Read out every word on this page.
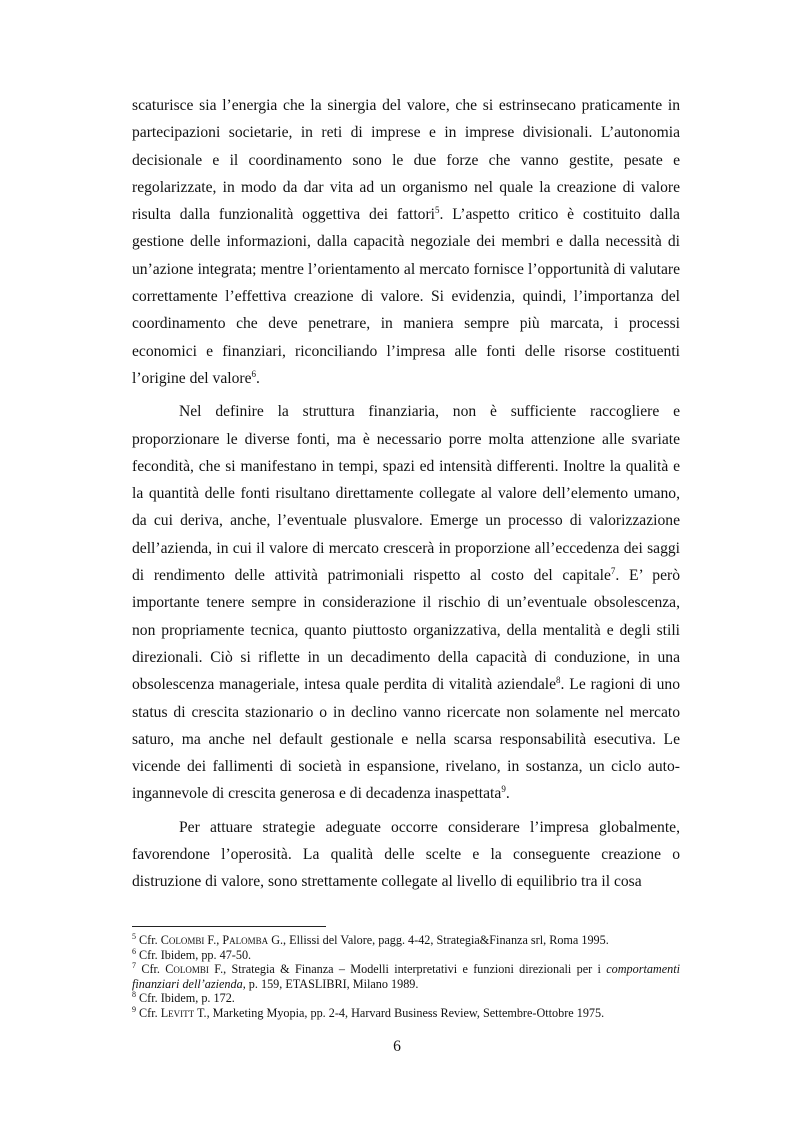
scaturisce sia l’energia che la sinergia del valore, che si estrinsecano praticamente in partecipazioni societarie, in reti di imprese e in imprese divisionali. L’autonomia decisionale e il coordinamento sono le due forze che vanno gestite, pesate e regolarizzate, in modo da dar vita ad un organismo nel quale la creazione di valore risulta dalla funzionalità oggettiva dei fattori$^5$. L’aspetto critico è costituito dalla gestione delle informazioni, dalla capacità negoziale dei membri e dalla necessità di un’azione integrata; mentre l’orientamento al mercato fornisce l’opportunità di valutare correttamente l’effettiva creazione di valore. Si evidenzia, quindi, l’importanza del coordinamento che deve penetrare, in maniera sempre più marcata, i processi economici e finanziari, riconciliando l’impresa alle fonti delle risorse costituenti l’origine del valore$^6$.

Nel definire la struttura finanziaria, non è sufficiente raccogliere e proporzionare le diverse fonti, ma è necessario porre molta attenzione alle svariate fecondità, che si manifestano in tempi, spazi ed intensità differenti. Inoltre la qualità e la quantità delle fonti risultano direttamente collegate al valore dell’elemento umano, da cui deriva, anche, l’eventuale plusvalore. Emerge un processo di valorizzazione dell’azienda, in cui il valore di mercato crescerà in proporzione all’eccedenza dei saggi di rendimento delle attività patrimoniali rispetto al costo del capitale$^7$. E’ però importante tenere sempre in considerazione il rischio di un’eventuale obsolescenza, non propriamente tecnica, quanto piuttosto organizzativa, della mentalità e degli stili direzionali. Ciò si riflette in un decadimento della capacità di conduzione, in una obsolescenza manageriale, intesa quale perdita di vitalità aziendale$^8$. Le ragioni di uno status di crescita stazionario o in declino vanno ricercate non solamente nel mercato saturo, ma anche nel default gestionale e nella scarsa responsabilità esecutiva. Le vicende dei fallimenti di società in espansione, rivelano, in sostanza, un ciclo auto-ingannevole di crescita generosa e di decadenza inaspettata$^9$.

Per attuare strategie adeguate occorre considerare l’impresa globalmente, favorendone l’operosità. La qualità delle scelte e la conseguente creazione o distruzione di valore, sono strettamente collegate al livello di equilibrio tra il cosa

$^5$ Cfr. Colombi F., Palomba G., Ellissi del Valore, pagg. 4-42, Strategia&Finanza srl, Roma 1995.

$^6$ Cfr. Ibidem, pp. 47-50.

$^7$ Cfr. Colombi F., Strategia & Finanza – Modelli interpretativi e funzioni direzionali per i comportamenti finanziari dell’azienda, p. 159, ETASLIBRI, Milano 1989.

$^8$ Cfr. Ibidem, p. 172.

$^9$ Cfr. Levitt T., Marketing Myopia, pp. 2-4, Harvard Business Review, Settembre-Ottobre 1975.

6
